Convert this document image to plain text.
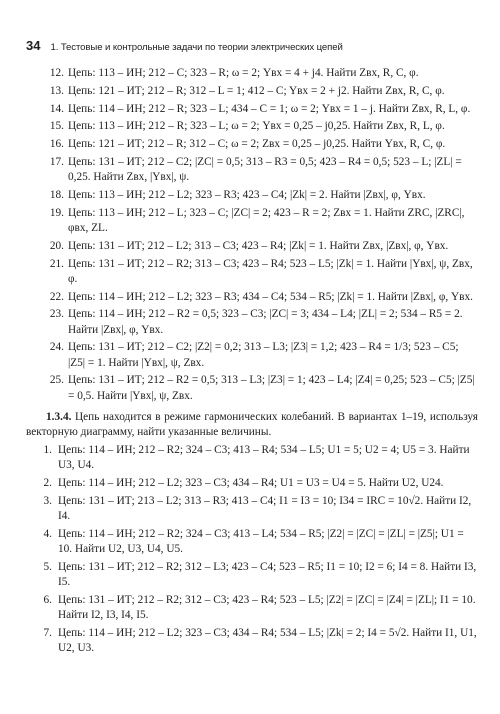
34 1. Тестовые и контрольные задачи по теории электрических цепей
12. Цепь: 113 – ИН; 212 – C; 323 – R; ω = 2; Yвх = 4 + j4. Найти Zвх, R, C, φ.
13. Цепь: 121 – ИТ; 212 – R; 312 – L = 1; 412 – C; Yвх = 2 + j2. Найти Zвх, R, C, φ.
14. Цепь: 114 – ИН; 212 – R; 323 – L; 434 – C = 1; ω = 2; Yвх = 1 – j. Найти Zвх, R, L, φ.
15. Цепь: 113 – ИН; 212 – R; 323 – L; ω = 2; Yвх = 0,25 – j0,25. Найти Zвх, R, L, φ.
16. Цепь: 121 – ИТ; 212 – R; 312 – C; ω = 2; Zвх = 0,25 – j0,25. Найти Yвх, R, C, φ.
17. Цепь: 131 – ИТ; 212 – C2; |ZC| = 0,5; 313 – R3 = 0,5; 423 – R4 = 0,5; 523 – L; |ZL| = 0,25. Найти Zвх, |Yвх|, ψ.
18. Цепь: 113 – ИН; 212 – L2; 323 – R3; 423 – C4; |Zk| = 2. Найти |Zвх|, φ, Yвх.
19. Цепь: 113 – ИН; 212 – L; 323 – C; |ZC| = 2; 423 – R = 2; Zвх = 1. Найти ZRC, |ZRC|, φвх, ZL.
20. Цепь: 131 – ИТ; 212 – L2; 313 – C3; 423 – R4; |Zk| = 1. Найти Zвх, |Zвх|, φ, Yвх.
21. Цепь: 131 – ИТ; 212 – R2; 313 – C3; 423 – R4; 523 – L5; |Zk| = 1. Найти |Yвх|, ψ, Zвх, φ.
22. Цепь: 114 – ИН; 212 – L2; 323 – R3; 434 – C4; 534 – R5; |Zk| = 1. Найти |Zвх|, φ, Yвх.
23. Цепь: 114 – ИН; 212 – R2 = 0,5; 323 – C3; |ZC| = 3; 434 – L4; |ZL| = 2; 534 – R5 = 2. Найти |Zвх|, φ, Yвх.
24. Цепь: 131 – ИТ; 212 – C2; |Z2| = 0,2; 313 – L3; |Z3| = 1,2; 423 – R4 = 1/3; 523 – C5; |Z5| = 1. Найти |Yвх|, ψ, Zвх.
25. Цепь: 131 – ИТ; 212 – R2 = 0,5; 313 – L3; |Z3| = 1; 423 – L4; |Z4| = 0,25; 523 – C5; |Z5| = 0,5. Найти |Yвх|, ψ, Zвх.

1.3.4. Цепь находится в режиме гармонических колебаний. В вариантах 1–19, используя векторную диаграмму, найти указанные величины.

1. Цепь: 114 – ИН; 212 – R2; 324 – C3; 413 – R4; 534 – L5; U1 = 5; U2 = 4; U5 = 3. Найти U3, U4.
2. Цепь: 114 – ИН; 212 – L2; 323 – C3; 434 – R4; U1 = U3 = U4 = 5. Найти U2, U24.
3. Цепь: 131 – ИТ; 213 – L2; 313 – R3; 413 – C4; I1 = I3 = 10; I34 = IRC = 10√2. Найти I2, I4.
4. Цепь: 114 – ИН; 212 – R2; 324 – C3; 413 – L4; 534 – R5; |Z2| = |ZC| = |ZL| = |Z5|; U1 = 10. Найти U2, U3, U4, U5.
5. Цепь: 131 – ИТ; 212 – R2; 312 – L3; 423 – C4; 523 – R5; I1 = 10; I2 = 6; I4 = 8. Найти I3, I5.
6. Цепь: 131 – ИТ; 212 – R2; 312 – C3; 423 – R4; 523 – L5; |Z2| = |ZC| = |Z4| = |ZL|; I1 = 10. Найти I2, I3, I4, I5.
7. Цепь: 114 – ИН; 212 – L2; 323 – C3; 434 – R4; 534 – L5; |Zk| = 2; I4 = 5√2. Найти I1, U1, U2, U3.
